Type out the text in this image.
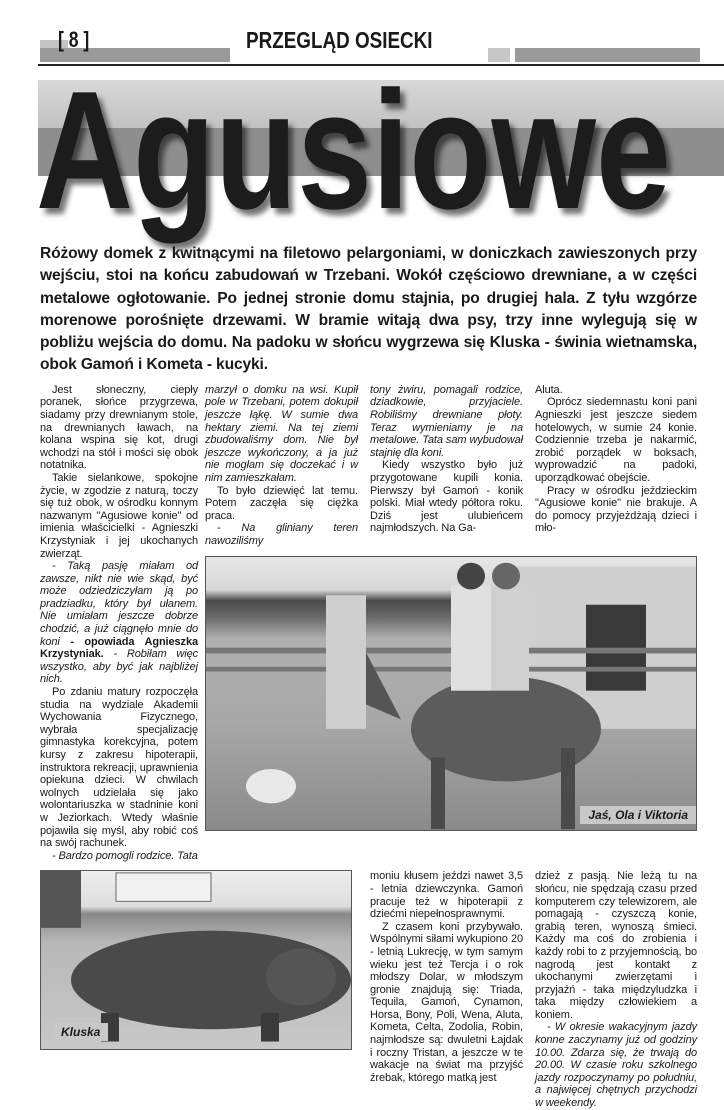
[ 8 ]	PRZEGLĄD OSIECKI
Agusiowe
Różowy domek z kwitnącymi na filetowo pelargoniami, w doniczkach zawieszonych przy wejściu, stoi na końcu zabudowań w Trzebani. Wokół częściowo drewniane, a w części metalowe ogłotowanie. Po jednej stronie domu stajnia, po drugiej hala. Z tyłu wzgórze morenowe porośnięte drzewami. W bramie witają dwa psy, trzy inne wylegują się w pobliżu wejścia do domu. Na padoku w słońcu wygrzewa się Kluska - świnia wietnamska, obok Gamoń i Kometa - kucyki.

Jest słoneczny, ciepły poranek, słońce przygrzewa, siadamy przy drewnianym stole, na drewnianych ławach, na kolana wspina się kot, drugi wchodzi na stół i mości się obok notatnika.

Takie sielankowe, spokojne życie, w zgodzie z naturą, toczy się tuż obok, w ośrodku konnym nazwanym "Agusiowe konie" od imienia właścicielki - Agnieszki Krzystyniak i jej ukochanych zwierząt.

- Taką pasję miałam od zawsze, nikt nie wie skąd, być może odziedziczyłam ją po pradziadku, który był ułanem. Nie umiałam jeszcze dobrze chodzić, a już ciągnęło mnie do koni - opowiada Agnieszka Krzystyniak. - Robiłam więc wszystko, aby być jak najbliżej nich.

Po zdaniu matury rozpoczęła studia na wydziale Akademii Wychowania Fizycznego, wybrała specjalizację gimnastyka korekcyjna, potem kursy z zakresu hipoterapii, instruktora rekreacji, uprawnienia opiekuna dzieci. W chwilach wolnych udzielała się jako wolontariuszka w stadninie koni w Jeziorkach. Wtedy właśnie pojawiła się myśl, aby robić coś na swój rachunek.

- Bardzo pomogli rodzice. Tata

marzył o domku na wsi. Kupił pole w Trzebani, potem dokupił jeszcze łąkę. W sumie dwa hektary ziemi. Na tej ziemi zbudowaliśmy dom. Nie był jeszcze wykończony, a ja już nie mogłam się doczekać i w nim zamieszkałam.

To było dziewięć lat temu. Potem zaczęła się ciężka praca.

- Na gliniany teren nawoziliśmy

tony żwiru, pomagali rodzice, dziadkowie, przyjaciele. Robiliśmy drewniane płoty. Teraz wymieniamy je na metalowe. Tata sam wybudował stajnię dla koni.

Kiedy wszystko było już przygotowane kupili konia. Pierwszy był Gamoń - konik polski. Miał wtedy półtora roku. Dziś jest ulubieńcem najmłodszych. Na Ga-

Aluta.

Oprócz siedemnastu koni pani Agnieszki jest jeszcze siedem hotelowych, w sumie 24 konie. Codziennie trzeba je nakarmić, zrobić porządek w boksach, wyprowadzić na padoki, uporządkować obejście.

Pracy w ośrodku jeździeckim "Agusiowe konie" nie brakuje. A do pomocy przyjeżdżają dzieci i mło-

Jaś, Ola i Viktoria
Kluska

moniu kłusem jeździ nawet 3,5 - letnia dziewczynka. Gamoń pracuje też w hipoterapii z dziećmi niepełnosprawnymi.

Z czasem koni przybywało. Wspólnymi siłami wykupiono 20 - letnią Lukrecję, w tym samym wieku jest też Tercja i o rok młodszy Dolar, w młodszym gronie znajdują się: Triada, Tequila, Gamoń, Cynamon, Horsa, Bony, Poli, Wena, Aluta, Kometa, Celta, Zodolia, Robin, najmłodsze są: dwuletni Łajdak i roczny Tristan, a jeszcze w te wakacje na świat ma przyjść źrebak, którego matką jest

dzież z pasją. Nie leżą tu na słońcu, nie spędzają czasu przed komputerem czy telewizorem, ale pomagają - czyszczą konie, grabią teren, wynoszą śmieci. Każdy ma coś do zrobienia i każdy robi to z przyjemnością, bo nagrodą jest kontakt z ukochanymi zwierzętami i przyjaźń - taka międzyludzka i taka między człowiekiem a koniem.

- W okresie wakacyjnym jazdy konne zaczynamy już od godziny 10.00. Zdarza się, że trwają do 20.00. W czasie roku szkolnego jazdy rozpoczynamy po południu, a najwięcej chętnych przychodzi w weekendy.
